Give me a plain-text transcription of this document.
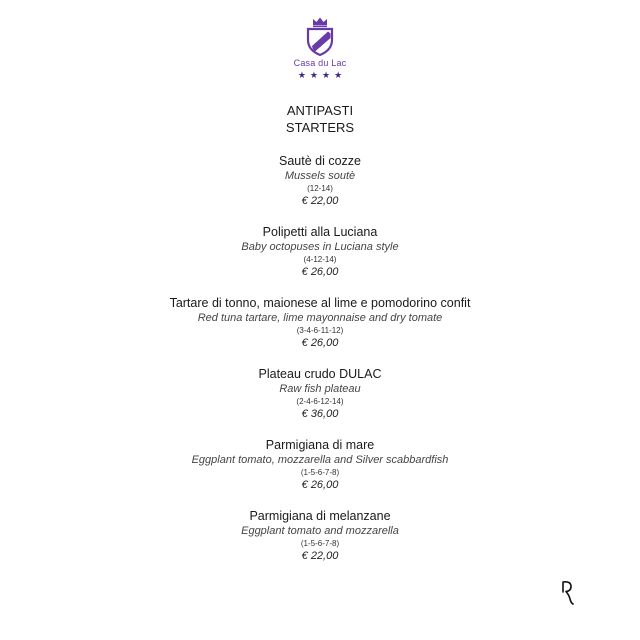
Casa du Lac
★★★★
ANTIPASTI
STARTERS
Sautè di cozze
Mussels soutè
(12-14)
€ 22,00
Polipetti alla Luciana
Baby octopuses in Luciana style
(4-12-14)
€ 26,00
Tartare di tonno, maionese al lime e pomodorino confit
Red tuna tartare, lime mayonnaise and dry tomate
(3-4-6-11-12)
€ 26,00
Plateau crudo DULAC
Raw fish plateau
(2-4-6-12-14)
€ 36,00
Parmigiana di mare
Eggplant tomato, mozzarella and Silver scabbardfish
(1-5-6-7-8)
€ 26,00
Parmigiana di melanzane
Eggplant tomato and mozzarella
(1-5-6-7-8)
€ 22,00
